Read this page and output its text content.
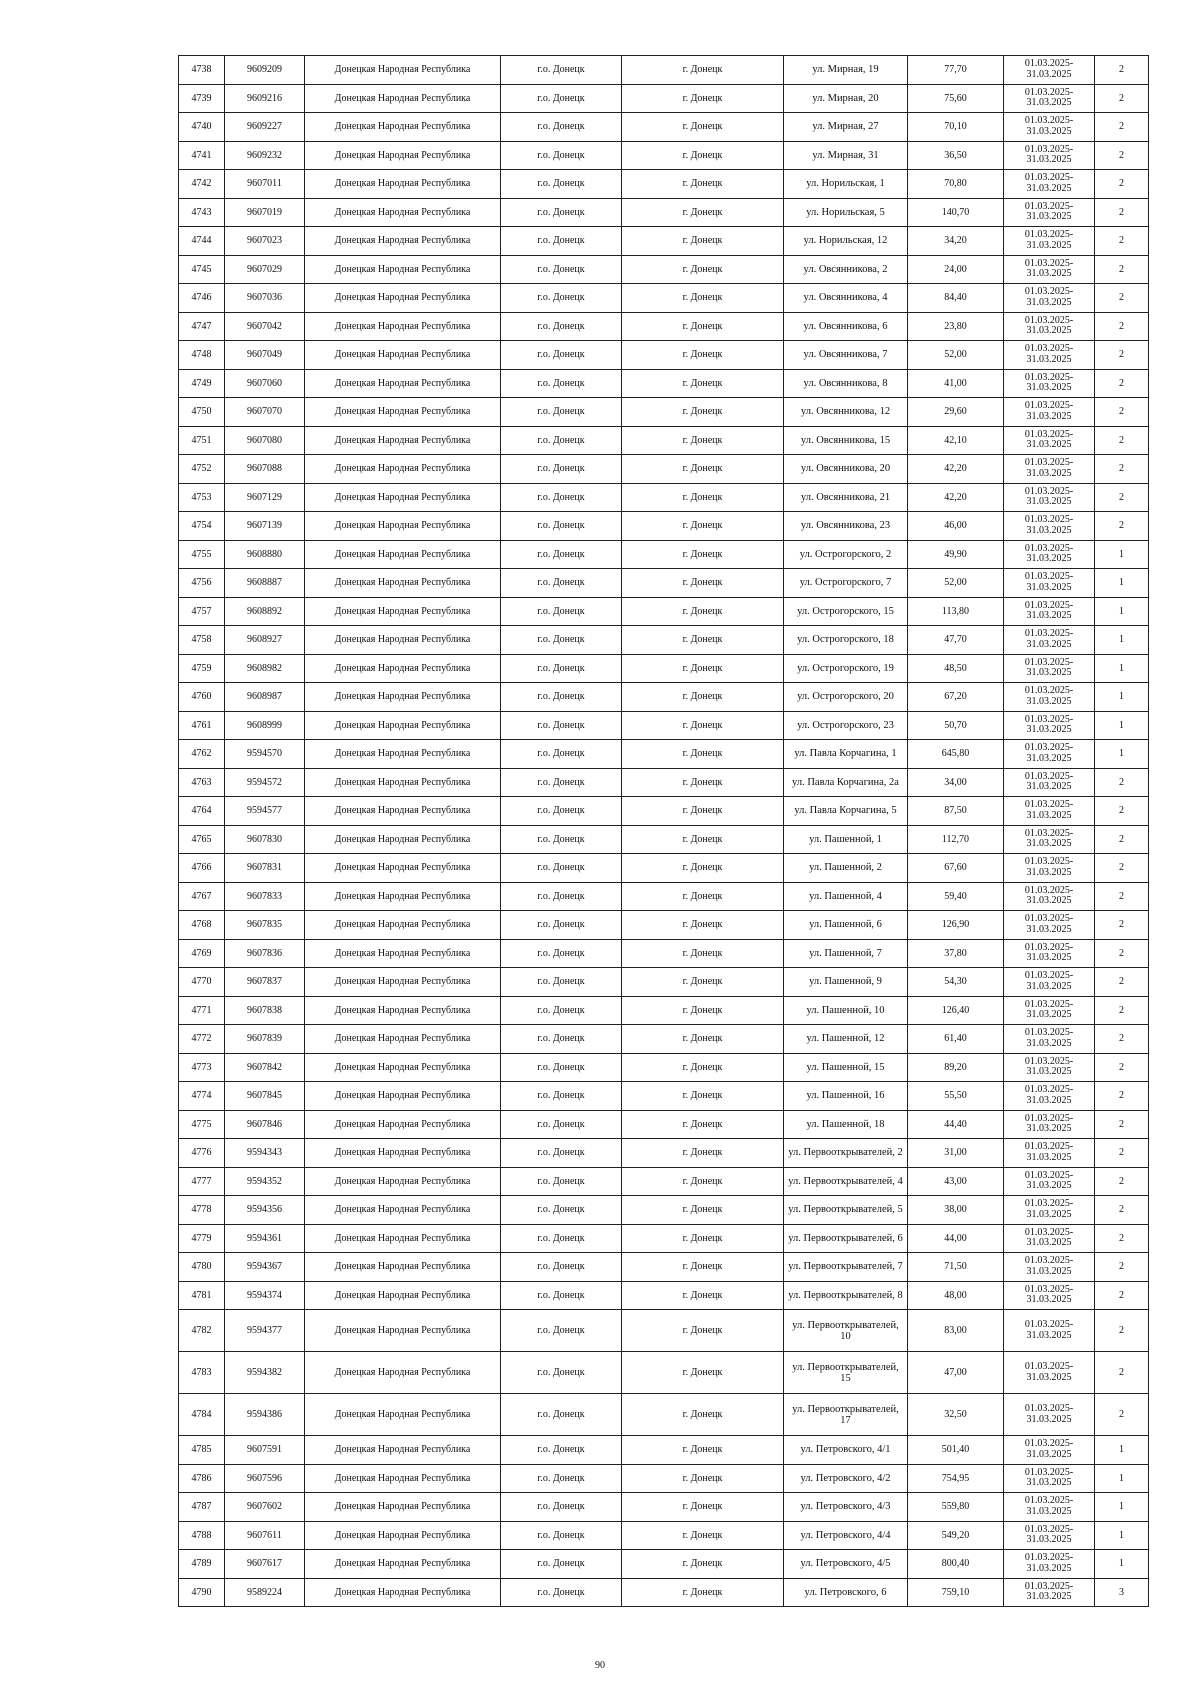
4738	9609209	Донецкая Народная Республика	г.о. Донецк	г. Донецк	ул. Мирная, 19	77,70	01.03.2025-
31.03.2025	2
4739	9609216	Донецкая Народная Республика	г.о. Донецк	г. Донецк	ул. Мирная, 20	75,60	01.03.2025-
31.03.2025	2
4740	9609227	Донецкая Народная Республика	г.о. Донецк	г. Донецк	ул. Мирная, 27	70,10	01.03.2025-
31.03.2025	2
4741	9609232	Донецкая Народная Республика	г.о. Донецк	г. Донецк	ул. Мирная, 31	36,50	01.03.2025-
31.03.2025	2
4742	9607011	Донецкая Народная Республика	г.о. Донецк	г. Донецк	ул. Норильская, 1	70,80	01.03.2025-
31.03.2025	2
4743	9607019	Донецкая Народная Республика	г.о. Донецк	г. Донецк	ул. Норильская, 5	140,70	01.03.2025-
31.03.2025	2
4744	9607023	Донецкая Народная Республика	г.о. Донецк	г. Донецк	ул. Норильская, 12	34,20	01.03.2025-
31.03.2025	2
4745	9607029	Донецкая Народная Республика	г.о. Донецк	г. Донецк	ул. Овсянникова, 2	24,00	01.03.2025-
31.03.2025	2
4746	9607036	Донецкая Народная Республика	г.о. Донецк	г. Донецк	ул. Овсянникова, 4	84,40	01.03.2025-
31.03.2025	2
4747	9607042	Донецкая Народная Республика	г.о. Донецк	г. Донецк	ул. Овсянникова, 6	23,80	01.03.2025-
31.03.2025	2
4748	9607049	Донецкая Народная Республика	г.о. Донецк	г. Донецк	ул. Овсянникова, 7	52,00	01.03.2025-
31.03.2025	2
4749	9607060	Донецкая Народная Республика	г.о. Донецк	г. Донецк	ул. Овсянникова, 8	41,00	01.03.2025-
31.03.2025	2
4750	9607070	Донецкая Народная Республика	г.о. Донецк	г. Донецк	ул. Овсянникова, 12	29,60	01.03.2025-
31.03.2025	2
4751	9607080	Донецкая Народная Республика	г.о. Донецк	г. Донецк	ул. Овсянникова, 15	42,10	01.03.2025-
31.03.2025	2
4752	9607088	Донецкая Народная Республика	г.о. Донецк	г. Донецк	ул. Овсянникова, 20	42,20	01.03.2025-
31.03.2025	2
4753	9607129	Донецкая Народная Республика	г.о. Донецк	г. Донецк	ул. Овсянникова, 21	42,20	01.03.2025-
31.03.2025	2
4754	9607139	Донецкая Народная Республика	г.о. Донецк	г. Донецк	ул. Овсянникова, 23	46,00	01.03.2025-
31.03.2025	2
4755	9608880	Донецкая Народная Республика	г.о. Донецк	г. Донецк	ул. Острогорского, 2	49,90	01.03.2025-
31.03.2025	1
4756	9608887	Донецкая Народная Республика	г.о. Донецк	г. Донецк	ул. Острогорского, 7	52,00	01.03.2025-
31.03.2025	1
4757	9608892	Донецкая Народная Республика	г.о. Донецк	г. Донецк	ул. Острогорского, 15	113,80	01.03.2025-
31.03.2025	1
4758	9608927	Донецкая Народная Республика	г.о. Донецк	г. Донецк	ул. Острогорского, 18	47,70	01.03.2025-
31.03.2025	1
4759	9608982	Донецкая Народная Республика	г.о. Донецк	г. Донецк	ул. Острогорского, 19	48,50	01.03.2025-
31.03.2025	1
4760	9608987	Донецкая Народная Республика	г.о. Донецк	г. Донецк	ул. Острогорского, 20	67,20	01.03.2025-
31.03.2025	1
4761	9608999	Донецкая Народная Республика	г.о. Донецк	г. Донецк	ул. Острогорского, 23	50,70	01.03.2025-
31.03.2025	1
4762	9594570	Донецкая Народная Республика	г.о. Донецк	г. Донецк	ул. Павла Корчагина, 1	645,80	01.03.2025-
31.03.2025	1
4763	9594572	Донецкая Народная Республика	г.о. Донецк	г. Донецк	ул. Павла Корчагина, 2а	34,00	01.03.2025-
31.03.2025	2
4764	9594577	Донецкая Народная Республика	г.о. Донецк	г. Донецк	ул. Павла Корчагина, 5	87,50	01.03.2025-
31.03.2025	2
4765	9607830	Донецкая Народная Республика	г.о. Донецк	г. Донецк	ул. Пашенной, 1	112,70	01.03.2025-
31.03.2025	2
4766	9607831	Донецкая Народная Республика	г.о. Донецк	г. Донецк	ул. Пашенной, 2	67,60	01.03.2025-
31.03.2025	2
4767	9607833	Донецкая Народная Республика	г.о. Донецк	г. Донецк	ул. Пашенной, 4	59,40	01.03.2025-
31.03.2025	2
4768	9607835	Донецкая Народная Республика	г.о. Донецк	г. Донецк	ул. Пашенной, 6	126,90	01.03.2025-
31.03.2025	2
4769	9607836	Донецкая Народная Республика	г.о. Донецк	г. Донецк	ул. Пашенной, 7	37,80	01.03.2025-
31.03.2025	2
4770	9607837	Донецкая Народная Республика	г.о. Донецк	г. Донецк	ул. Пашенной, 9	54,30	01.03.2025-
31.03.2025	2
4771	9607838	Донецкая Народная Республика	г.о. Донецк	г. Донецк	ул. Пашенной, 10	126,40	01.03.2025-
31.03.2025	2
4772	9607839	Донецкая Народная Республика	г.о. Донецк	г. Донецк	ул. Пашенной, 12	61,40	01.03.2025-
31.03.2025	2
4773	9607842	Донецкая Народная Республика	г.о. Донецк	г. Донецк	ул. Пашенной, 15	89,20	01.03.2025-
31.03.2025	2
4774	9607845	Донецкая Народная Республика	г.о. Донецк	г. Донецк	ул. Пашенной, 16	55,50	01.03.2025-
31.03.2025	2
4775	9607846	Донецкая Народная Республика	г.о. Донецк	г. Донецк	ул. Пашенной, 18	44,40	01.03.2025-
31.03.2025	2
4776	9594343	Донецкая Народная Республика	г.о. Донецк	г. Донецк	ул. Первооткрывателей, 2	31,00	01.03.2025-
31.03.2025	2
4777	9594352	Донецкая Народная Республика	г.о. Донецк	г. Донецк	ул. Первооткрывателей, 4	43,00	01.03.2025-
31.03.2025	2
4778	9594356	Донецкая Народная Республика	г.о. Донецк	г. Донецк	ул. Первооткрывателей, 5	38,00	01.03.2025-
31.03.2025	2
4779	9594361	Донецкая Народная Республика	г.о. Донецк	г. Донецк	ул. Первооткрывателей, 6	44,00	01.03.2025-
31.03.2025	2
4780	9594367	Донецкая Народная Республика	г.о. Донецк	г. Донецк	ул. Первооткрывателей, 7	71,50	01.03.2025-
31.03.2025	2
4781	9594374	Донецкая Народная Республика	г.о. Донецк	г. Донецк	ул. Первооткрывателей, 8	48,00	01.03.2025-
31.03.2025	2
4782	9594377	Донецкая Народная Республика	г.о. Донецк	г. Донецк	ул. Первооткрывателей, 10	83,00	01.03.2025-
31.03.2025	2
4783	9594382	Донецкая Народная Республика	г.о. Донецк	г. Донецк	ул. Первооткрывателей, 15	47,00	01.03.2025-
31.03.2025	2
4784	9594386	Донецкая Народная Республика	г.о. Донецк	г. Донецк	ул. Первооткрывателей, 17	32,50	01.03.2025-
31.03.2025	2
4785	9607591	Донецкая Народная Республика	г.о. Донецк	г. Донецк	ул. Петровского, 4/1	501,40	01.03.2025-
31.03.2025	1
4786	9607596	Донецкая Народная Республика	г.о. Донецк	г. Донецк	ул. Петровского, 4/2	754,95	01.03.2025-
31.03.2025	1
4787	9607602	Донецкая Народная Республика	г.о. Донецк	г. Донецк	ул. Петровского, 4/3	559,80	01.03.2025-
31.03.2025	1
4788	9607611	Донецкая Народная Республика	г.о. Донецк	г. Донецк	ул. Петровского, 4/4	549,20	01.03.2025-
31.03.2025	1
4789	9607617	Донецкая Народная Республика	г.о. Донецк	г. Донецк	ул. Петровского, 4/5	800,40	01.03.2025-
31.03.2025	1
4790	9589224	Донецкая Народная Республика	г.о. Донецк	г. Донецк	ул. Петровского, 6	759,10	01.03.2025-
31.03.2025	3
90
